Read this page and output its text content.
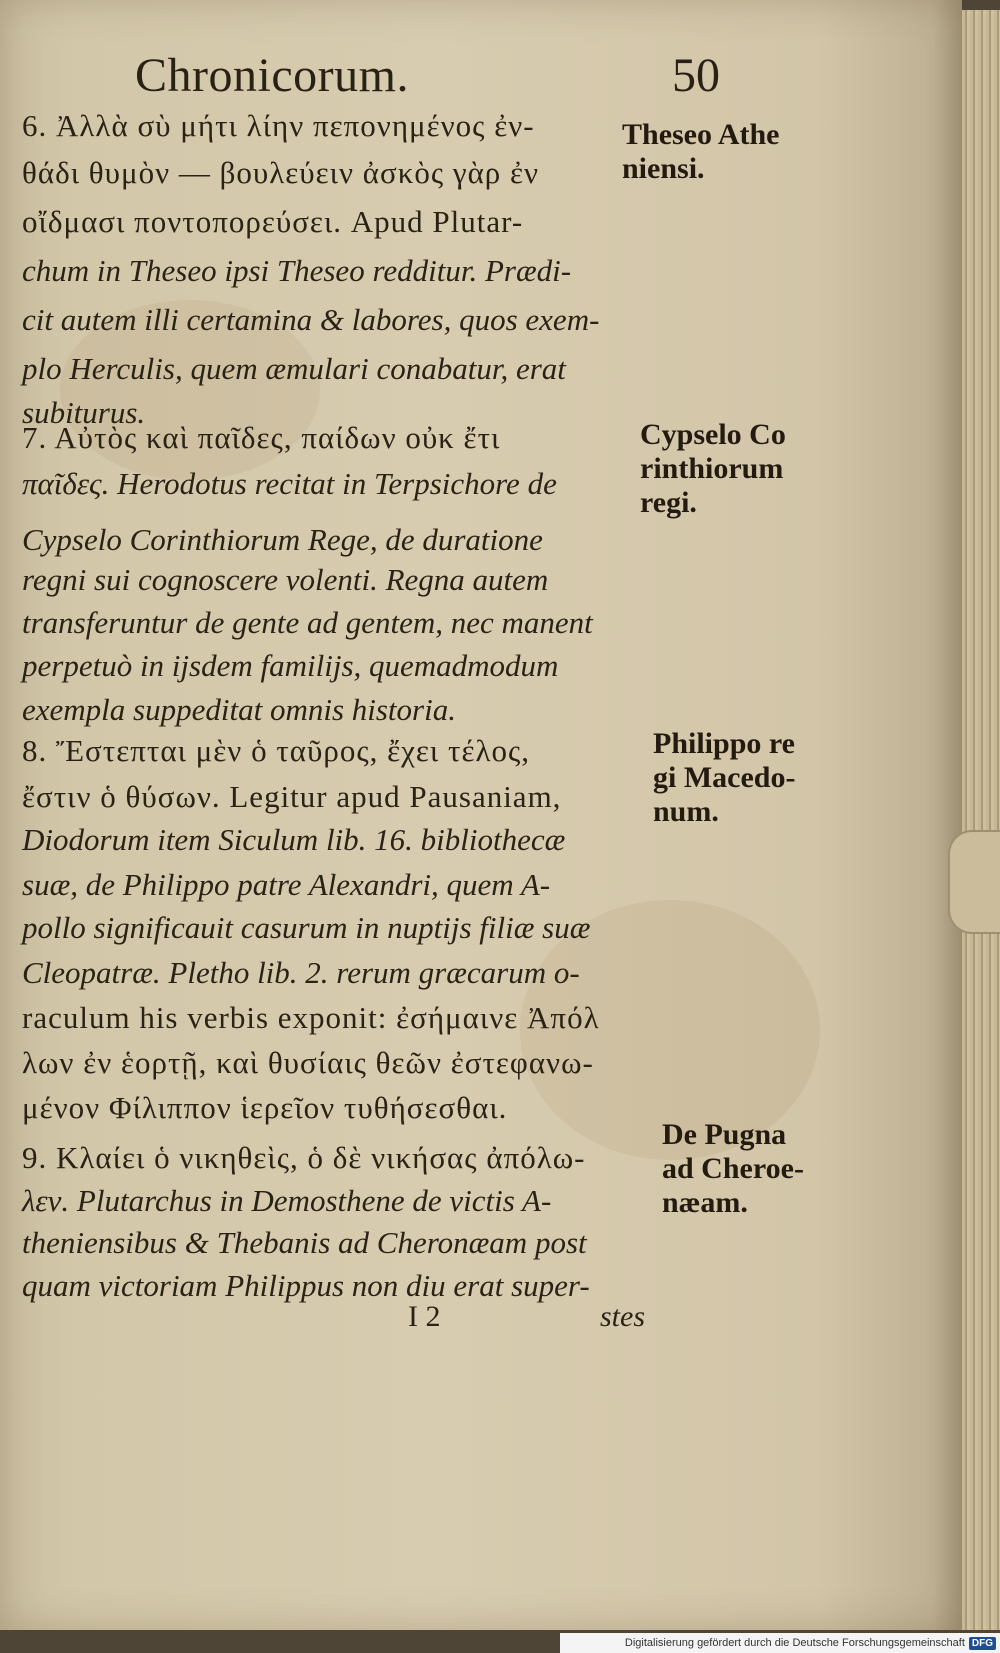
Chronicorum.	50
6. Ἀλλὰ σὺ μήτι λίην πεπονημένος ἐν-
θάδι θυμὸν — βουλεύειν ἀσκὸς γὰρ ἐν
οἴδμασι ποντοπορεύσει. Apud Plutar-
chum in Theseo ipsi Theseo redditur. Prædi-
cit autem illi certamina & labores, quos exem-
plo Herculis, quem æmulari conabatur, erat
subiturus.
7. Αὐτὸς καὶ παῖδες, παίδων οὐκ ἔτι
παῖδες. Herodotus recitat in Terpsichore de
Cypselo Corinthiorum Rege, de duratione
regni sui cognoscere volenti. Regna autem
transferuntur de gente ad gentem, nec manent
perpetuò in ijsdem familijs, quemadmodum
exempla suppeditat omnis historia.
8. Ἔστεπται μὲν ὁ ταῦρος, ἔχει τέλος,
ἔστιν ὁ θύσων. Legitur apud Pausaniam,
Diodorum item Siculum lib. 16. bibliothecæ
suæ, de Philippo patre Alexandri, quem A-
pollo significauit casurum in nuptijs filiæ suæ
Cleopatræ. Pletho lib. 2. rerum græcarum o-
raculum his verbis exponit: ἐσήμαινε Ἀπόλ
λων ἐν ἑορτῇ, καὶ θυσίαις θεῶν ἐστεφανω-
μένον Φίλιππον ἱερεῖον τυθήσεσθαι.
9. Κλαίει ὁ νικηθεὶς, ὁ δὲ νικήσας ἀπόλω-
λεν. Plutarchus in Demosthene de victis A-
theniensibus & Thebanis ad Cheronæam post
quam victoriam Philippus non diu erat super-
Theseo Athe
niensi.
Cypselo Co
rinthiorum
regi.
Philippo re
gi Macedo-
num.
De Pugna
ad Cheroe-
næam.
I 2	stes
Digitalisierung gefördert durch die Deutsche Forschungsgemeinschaft DFG
